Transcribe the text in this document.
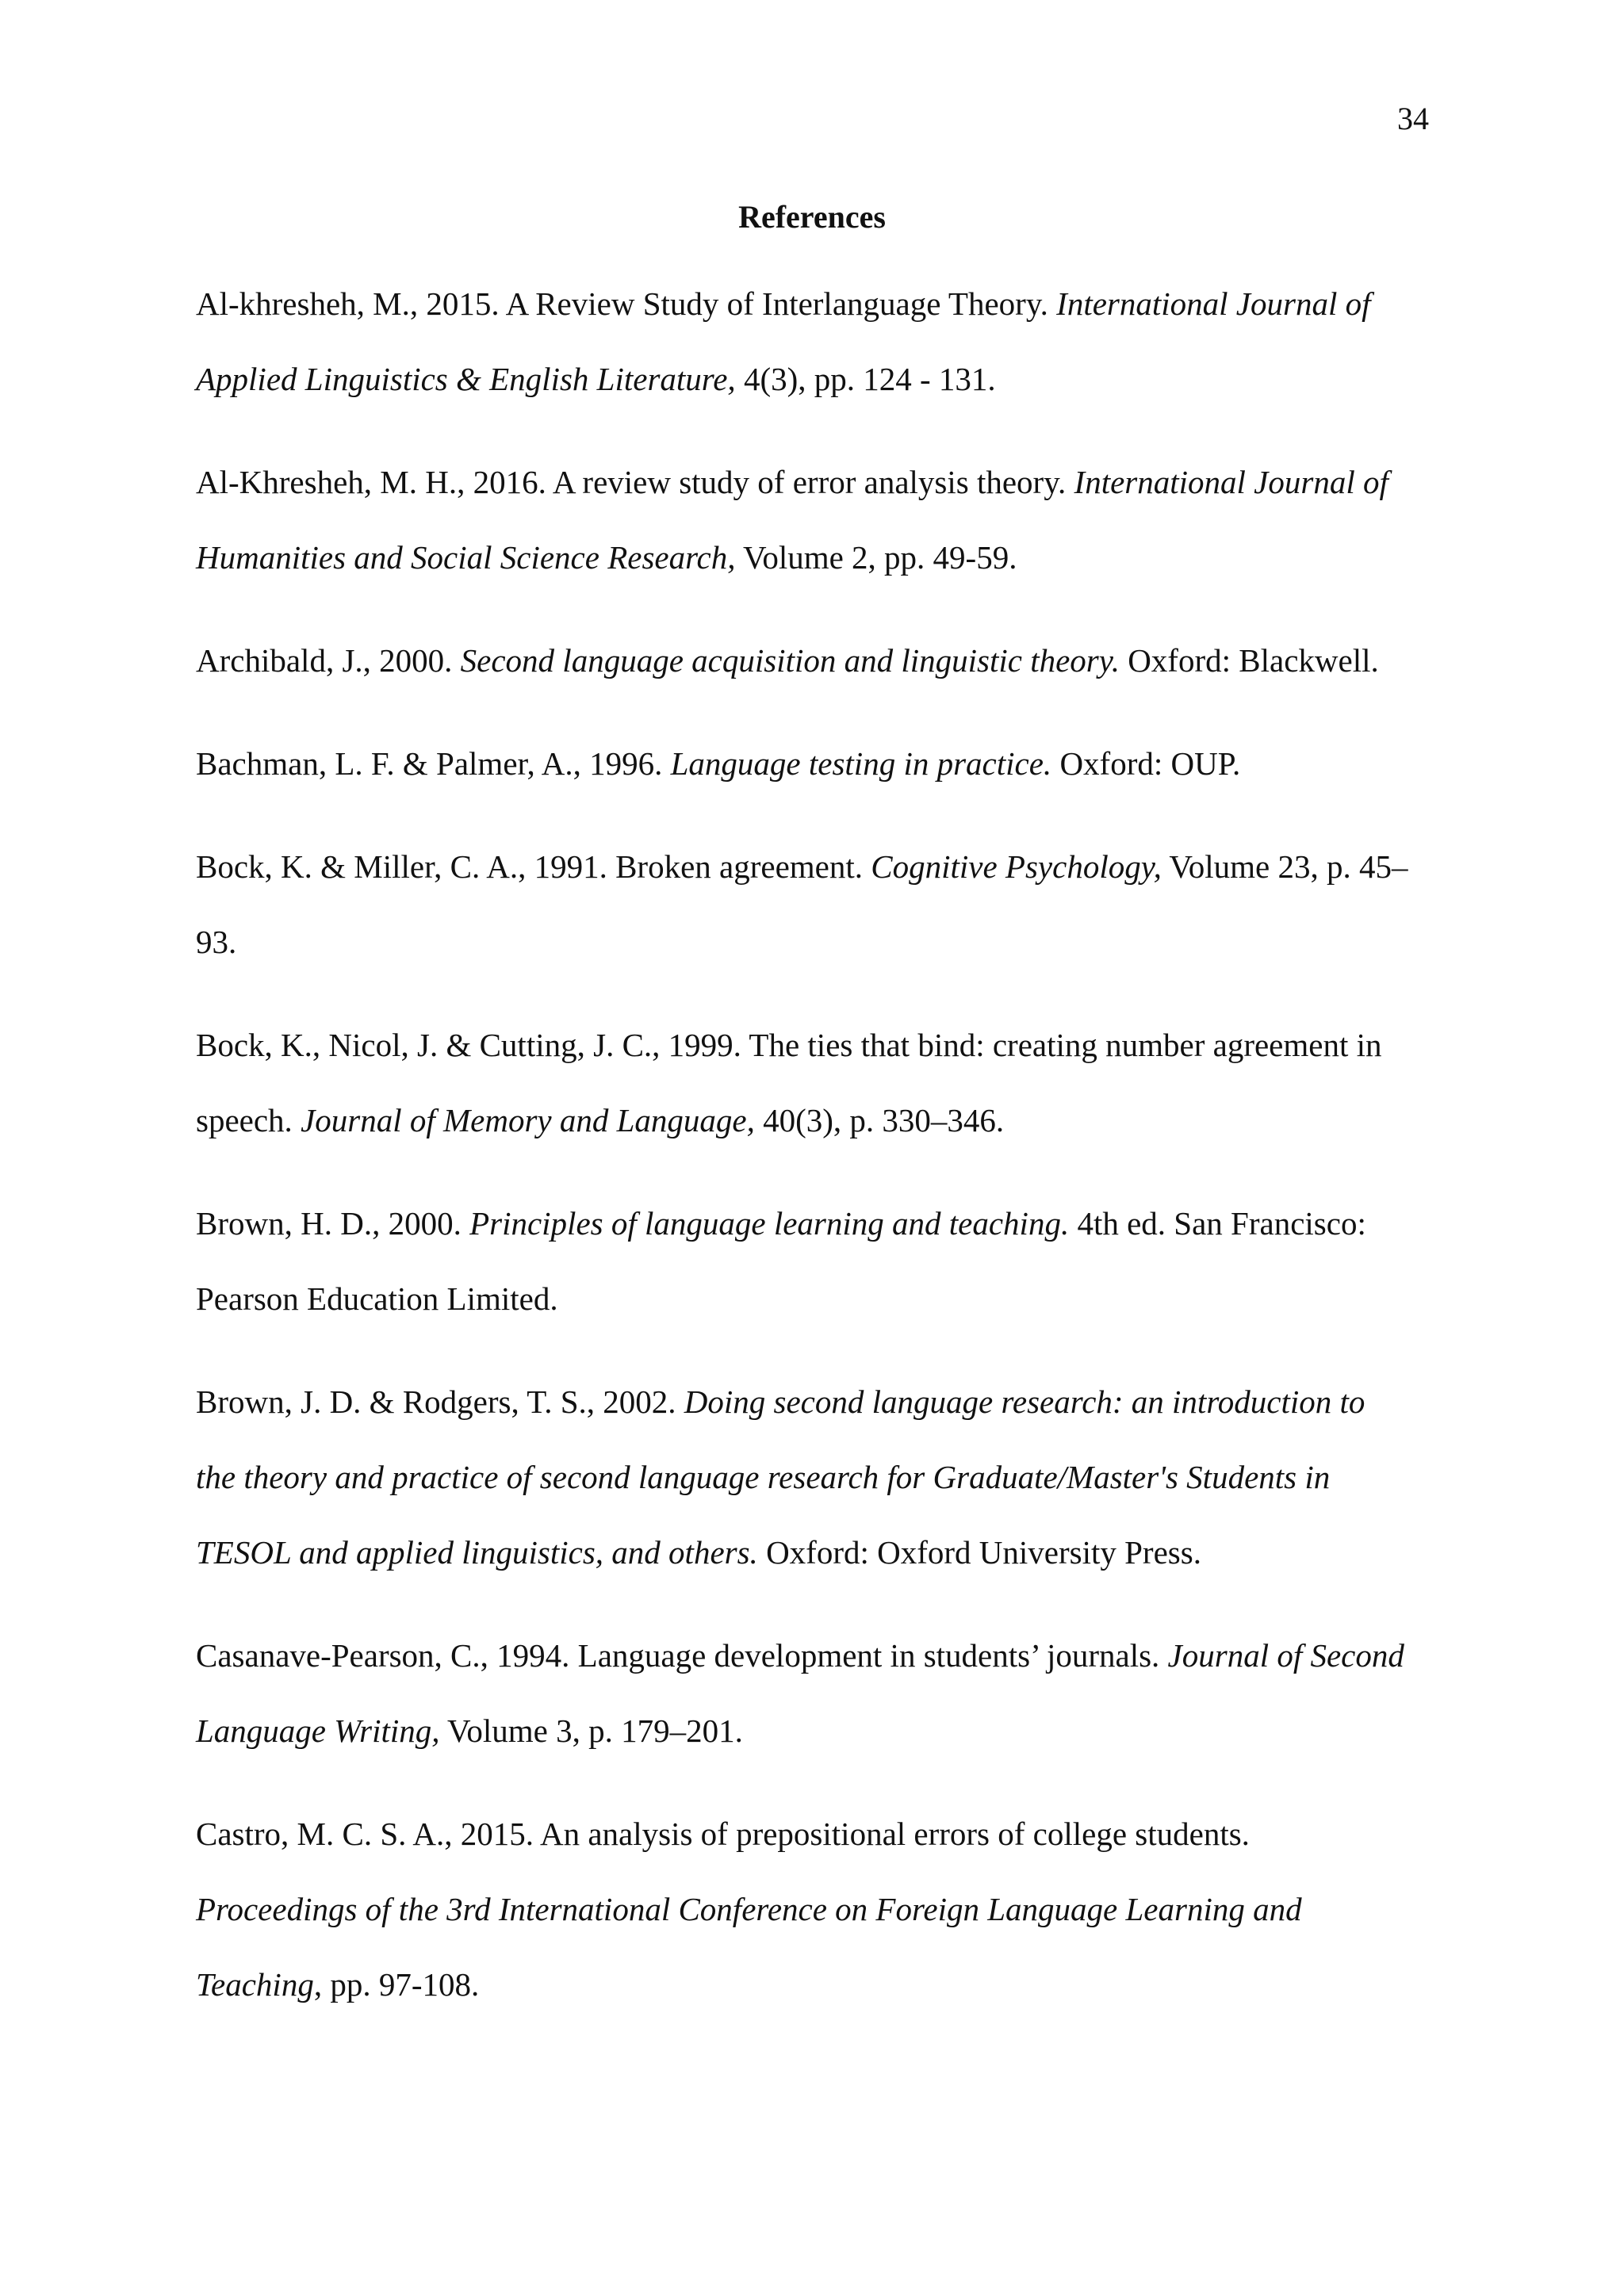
34
References
Al-khresheh, M., 2015. A Review Study of Interlanguage Theory. International Journal of
Applied Linguistics & English Literature, 4(3), pp. 124 - 131.
Al-Khresheh, M. H., 2016. A review study of error analysis theory. International Journal of
Humanities and Social Science Research, Volume 2, pp. 49-59.
Archibald, J., 2000. Second language acquisition and linguistic theory. Oxford: Blackwell.
Bachman, L. F. & Palmer, A., 1996. Language testing in practice. Oxford: OUP.
Bock, K. & Miller, C. A., 1991. Broken agreement. Cognitive Psychology, Volume 23, p. 45–
93.
Bock, K., Nicol, J. & Cutting, J. C., 1999. The ties that bind: creating number agreement in
speech. Journal of Memory and Language, 40(3), p. 330–346.
Brown, H. D., 2000. Principles of language learning and teaching. 4th ed. San Francisco:
Pearson Education Limited.
Brown, J. D. & Rodgers, T. S., 2002. Doing second language research: an introduction to
the theory and practice of second language research for Graduate/Master's Students in
TESOL and applied linguistics, and others. Oxford: Oxford University Press.
Casanave-Pearson, C., 1994. Language development in students’ journals. Journal of Second
Language Writing, Volume 3, p. 179–201.
Castro, M. C. S. A., 2015. An analysis of prepositional errors of college students.
Proceedings of the 3rd International Conference on Foreign Language Learning and
Teaching, pp. 97-108.
